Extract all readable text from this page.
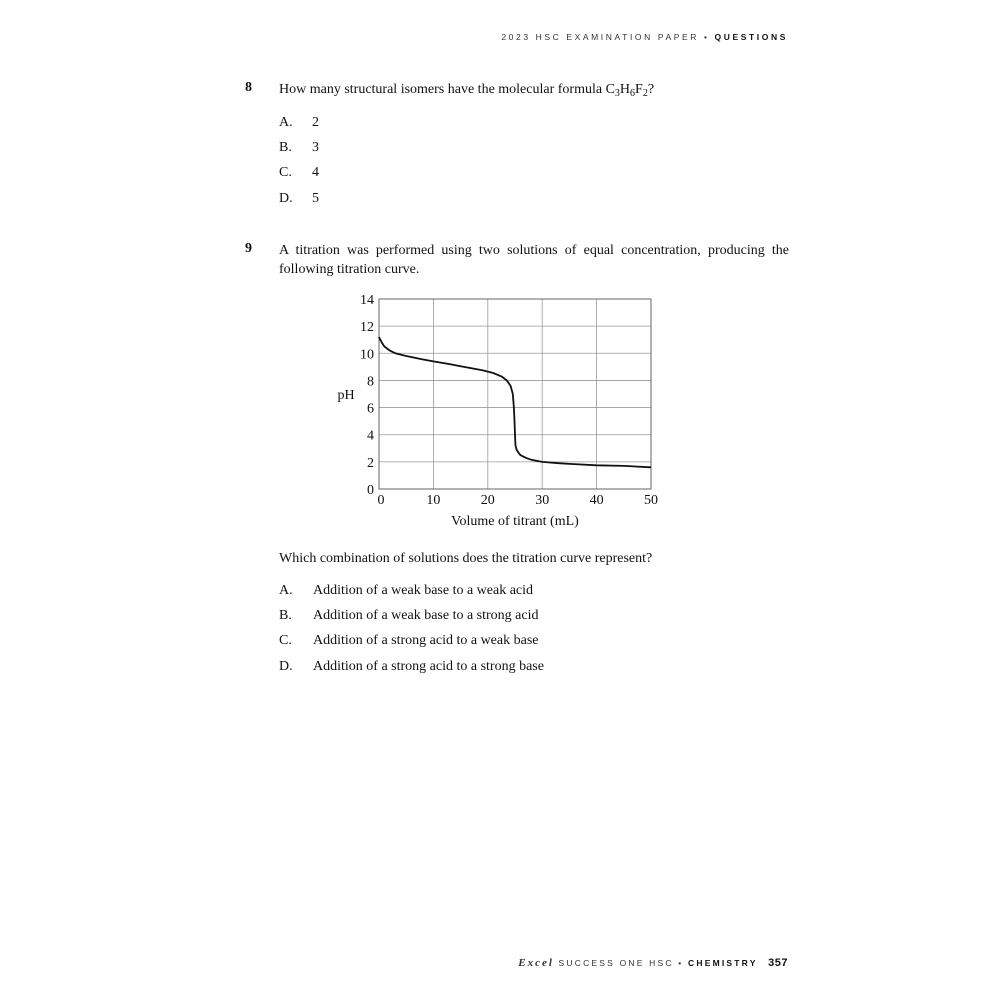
2023 HSC EXAMINATION PAPER • QUESTIONS
8 How many structural isomers have the molecular formula $C_3H_6F_2$?
A. 2
B. 3
C. 4
D. 5
9 A titration was performed using two solutions of equal concentration, producing the following titration curve.
0
2
4
6
8
10
12
14
0	10	20	30	40	50
pH
Volume of titrant (mL)
Which combination of solutions does the titration curve represent?
A. Addition of a weak base to a weak acid
B. Addition of a weak base to a strong acid
C. Addition of a strong acid to a weak base
D. Addition of a strong acid to a strong base
Excel SUCCESS ONE HSC • CHEMISTRY 357
